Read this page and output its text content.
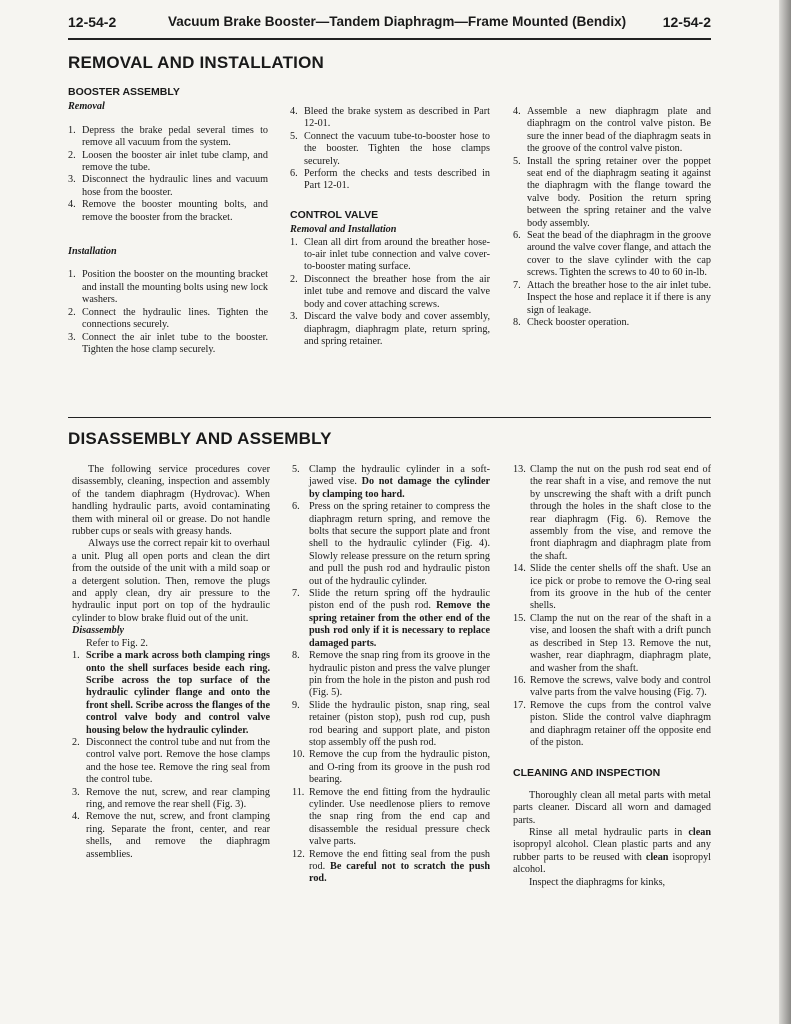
12-54-2	Vacuum Brake Booster—Tandem Diaphragm—Frame Mounted (Bendix)	12-54-2
REMOVAL AND INSTALLATION
BOOSTER ASSEMBLY
Removal
1. Depress the brake pedal several times to remove all vacuum from the system.
2. Loosen the booster air inlet tube clamp, and remove the tube.
3. Disconnect the hydraulic lines and vacuum hose from the booster.
4. Remove the booster mounting bolts, and remove the booster from the bracket.
Installation
1. Position the booster on the mounting bracket and install the mounting bolts using new lock washers.
2. Connect the hydraulic lines. Tighten the connections securely.
3. Connect the air inlet tube to the booster. Tighten the hose clamp securely.
4. Bleed the brake system as described in Part 12-01.
5. Connect the vacuum tube-to-booster hose to the booster. Tighten the hose clamps securely.
6. Perform the checks and tests described in Part 12-01.
CONTROL VALVE
Removal and Installation
1. Clean all dirt from around the breather hose-to-air inlet tube connection and valve cover-to-booster mating surface.
2. Disconnect the breather hose from the air inlet tube and remove and discard the valve body and cover attaching screws.
3. Discard the valve body and cover assembly, diaphragm, diaphragm plate, return spring, and spring retainer.
4. Assemble a new diaphragm plate and diaphragm on the control valve piston. Be sure the inner bead of the diaphragm seats in the groove of the control valve piston.
5. Install the spring retainer over the poppet seat end of the diaphragm seating it against the diaphragm with the flange toward the valve body. Position the return spring between the spring retainer and the valve body assembly.
6. Seat the bead of the diaphragm in the groove around the valve cover flange, and attach the cover to the slave cylinder with the cap screws. Tighten the screws to 40 to 60 in-lb.
7. Attach the breather hose to the air inlet tube. Inspect the hose and replace it if there is any sign of leakage.
8. Check booster operation.
DISASSEMBLY AND ASSEMBLY

The following service procedures cover disassembly, cleaning, inspection and assembly of the tandem diaphragm (Hydrovac). When handling hydraulic parts, avoid contaminating them with mineral oil or grease. Do not handle rubber cups or seals with greasy hands.

Always use the correct repair kit to overhaul a unit. Plug all open ports and clean the dirt from the outside of the unit with a mild soap or a detergent solution. Then, remove the plugs and apply clean, dry air pressure to the hydraulic input port on top of the hydraulic cylinder to blow brake fluid out of the unit.

Disassembly

Refer to Fig. 2.

1. Scribe a mark across both clamping rings onto the shell surfaces beside each ring. Scribe across the top surface of the hydraulic cylinder flange and onto the front shell. Scribe across the flanges of the control valve body and control valve housing below the hydraulic cylinder.
2. Disconnect the control tube and nut from the control valve port. Remove the hose clamps and the hose tee. Remove the ring seal from the control tube.
3. Remove the nut, screw, and rear clamping ring, and remove the rear shell (Fig. 3).
4. Remove the nut, screw, and front clamping ring. Separate the front, center, and rear shells, and remove the diaphragm assemblies.
5. Clamp the hydraulic cylinder in a soft-jawed vise. Do not damage the cylinder by clamping too hard.
6. Press on the spring retainer to compress the diaphragm return spring, and remove the bolts that secure the support plate and front shell to the hydraulic cylinder (Fig. 4). Slowly release pressure on the return spring and pull the push rod and hydraulic piston out of the hydraulic cylinder.
7. Slide the return spring off the hydraulic piston end of the push rod. Remove the spring retainer from the other end of the push rod only if it is necessary to replace damaged parts.
8. Remove the snap ring from its groove in the hydraulic piston and press the valve plunger pin from the hole in the piston and push rod (Fig. 5).
9. Slide the hydraulic piston, snap ring, seal retainer (piston stop), push rod cup, push rod bearing and support plate, and piston stop assembly off the push rod.
10. Remove the cup from the hydraulic piston, and O-ring from its groove in the push rod bearing.
11. Remove the end fitting from the hydraulic cylinder. Use needlenose pliers to remove the snap ring from the end cap and disassemble the residual pressure check valve parts.
12. Remove the end fitting seal from the push rod. Be careful not to scratch the push rod.
13. Clamp the nut on the push rod seat end of the rear shaft in a vise, and remove the nut by unscrewing the shaft with a drift punch through the holes in the shaft close to the rear diaphragm (Fig. 6). Remove the assembly from the vise, and remove the front diaphragm and diaphragm plate from the shaft.
14. Slide the center shells off the shaft. Use an ice pick or probe to remove the O-ring seal from its groove in the hub of the center shells.
15. Clamp the nut on the rear of the shaft in a vise, and loosen the shaft with a drift punch as described in Step 13. Remove the nut, washer, rear diaphragm, diaphragm plate, and washer from the shaft.
16. Remove the screws, valve body and control valve parts from the valve housing (Fig. 7).
17. Remove the cups from the control valve piston. Slide the control valve diaphragm and diaphragm retainer off the opposite end of the piston.
CLEANING AND INSPECTION

Thoroughly clean all metal parts with metal parts cleaner. Discard all worn and damaged parts.

Rinse all metal hydraulic parts in clean isopropyl alcohol. Clean plastic parts and any rubber parts to be reused with clean isopropyl alcohol.

Inspect the diaphragms for kinks,
